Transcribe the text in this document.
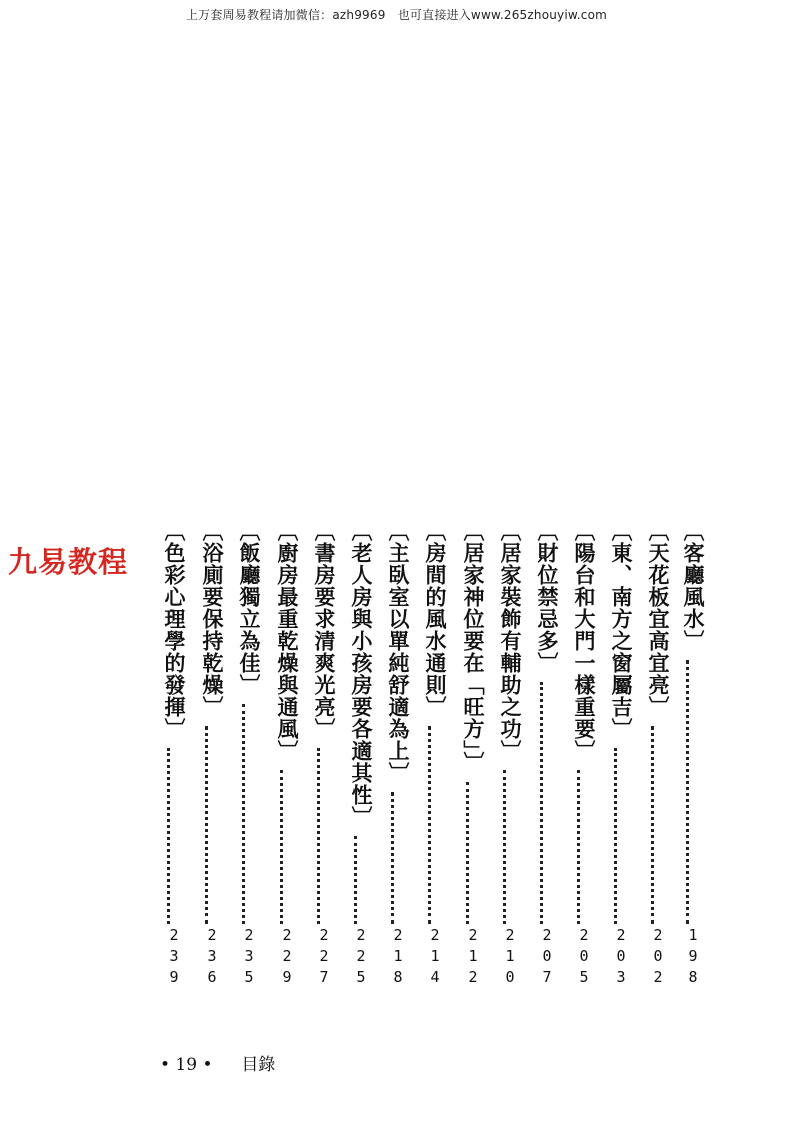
上万套周易教程请加微信：azh9969　也可直接进入www.265zhouyiw.com
九易教程	〔客廳風水〕
198
〔天花板宜高宜亮〕
202
〔東、南方之窗屬吉〕
203
〔陽台和大門一樣重要〕
205
〔財位禁忌多〕
207
〔居家裝飾有輔助之功〕
210
〔居家神位要在「旺方」〕
212
〔房間的風水通則〕
214
〔主臥室以單純舒適為上〕
218
〔老人房與小孩房要各適其性〕
225
〔書房要求清爽光亮〕
227
〔廚房最重乾燥與通風〕
229
〔飯廳獨立為佳〕
235
〔浴廁要保持乾燥〕
236
〔色彩心理學的發揮〕
239
• 19 • 目錄
